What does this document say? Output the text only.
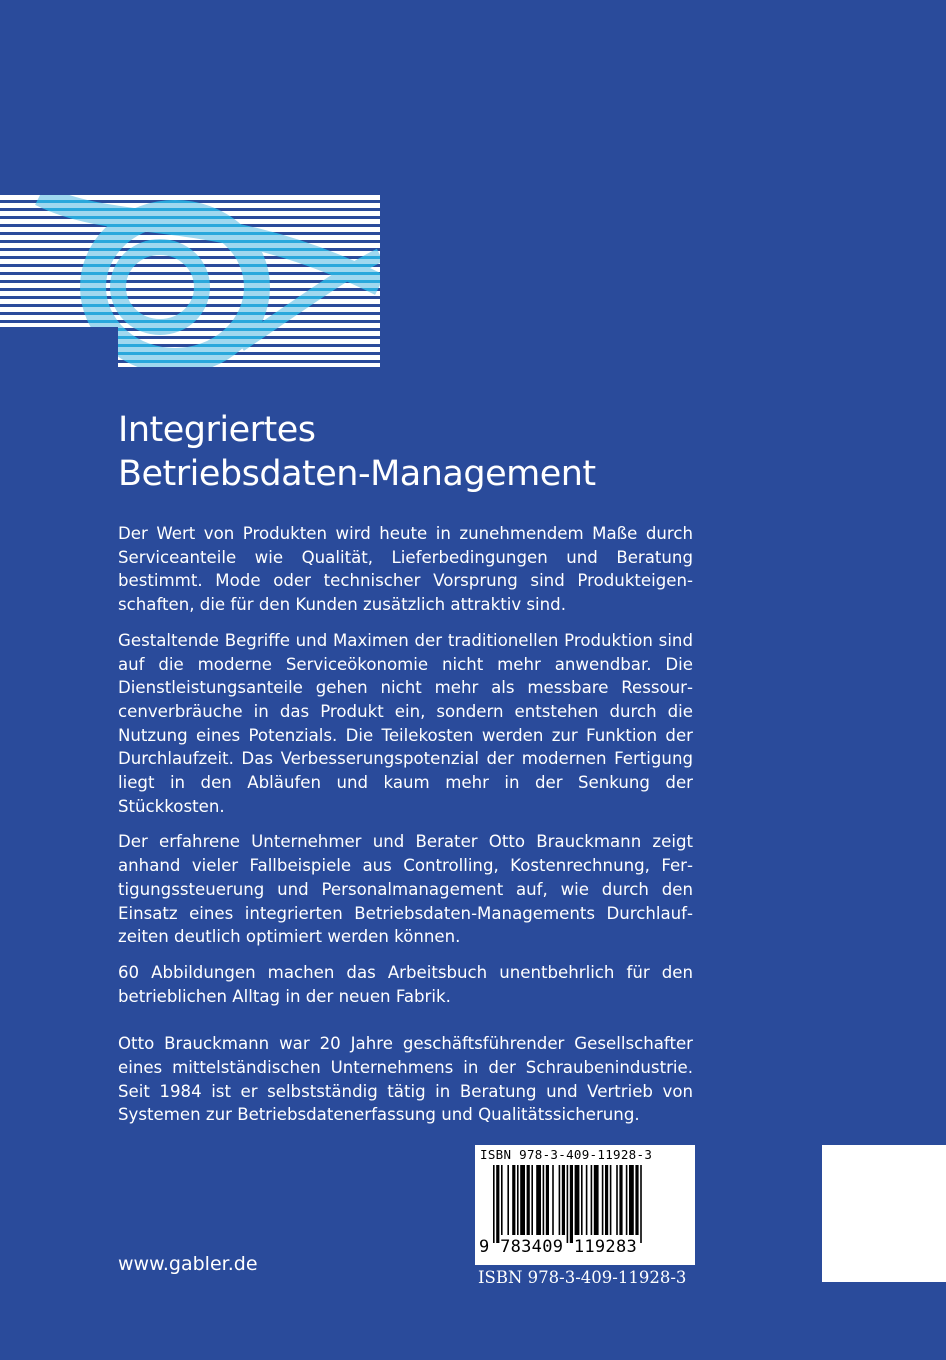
Integriertes
Betriebsdaten-Management

Der Wert von Produkten wird heute in zunehmendem Maße durch Serviceanteile wie Qualität, Lieferbedingungen und Beratung bestimmt. Mode oder technischer Vorsprung sind Produkteigenschaften, die für den Kunden zusätzlich attraktiv sind.

Gestaltende Begriffe und Maximen der traditionellen Produktion sind auf die moderne Serviceökonomie nicht mehr anwendbar. Die Dienstleistungsanteile gehen nicht mehr als messbare Ressourcenverbräuche in das Produkt ein, sondern entstehen durch die Nutzung eines Potenzials. Die Teilekosten werden zur Funktion der Durchlaufzeit. Das Verbesserungspotenzial der modernen Fertigung liegt in den Abläufen und kaum mehr in der Senkung der Stückkosten.

Der erfahrene Unternehmer und Berater Otto Brauckmann zeigt anhand vieler Fallbeispiele aus Controlling, Kostenrechnung, Fertigungssteuerung und Personalmanagement auf, wie durch den Einsatz eines integrierten Betriebsdaten-Managements Durchlaufzeiten deutlich optimiert werden können.

60 Abbildungen machen das Arbeitsbuch unentbehrlich für den betrieblichen Alltag in der neuen Fabrik.

Otto Brauckmann war 20 Jahre geschäftsführender Gesellschafter eines mittelständischen Unternehmens in der Schraubenindustrie. Seit 1984 ist er selbstständig tätig in Beratung und Vertrieb von Systemen zur Betriebsdatenerfassung und Qualitätssicherung.

www.gabler.de
ISBN 978-3-409-11928-3
9 783409 119283
ISBN 978-3-409-11928-3
